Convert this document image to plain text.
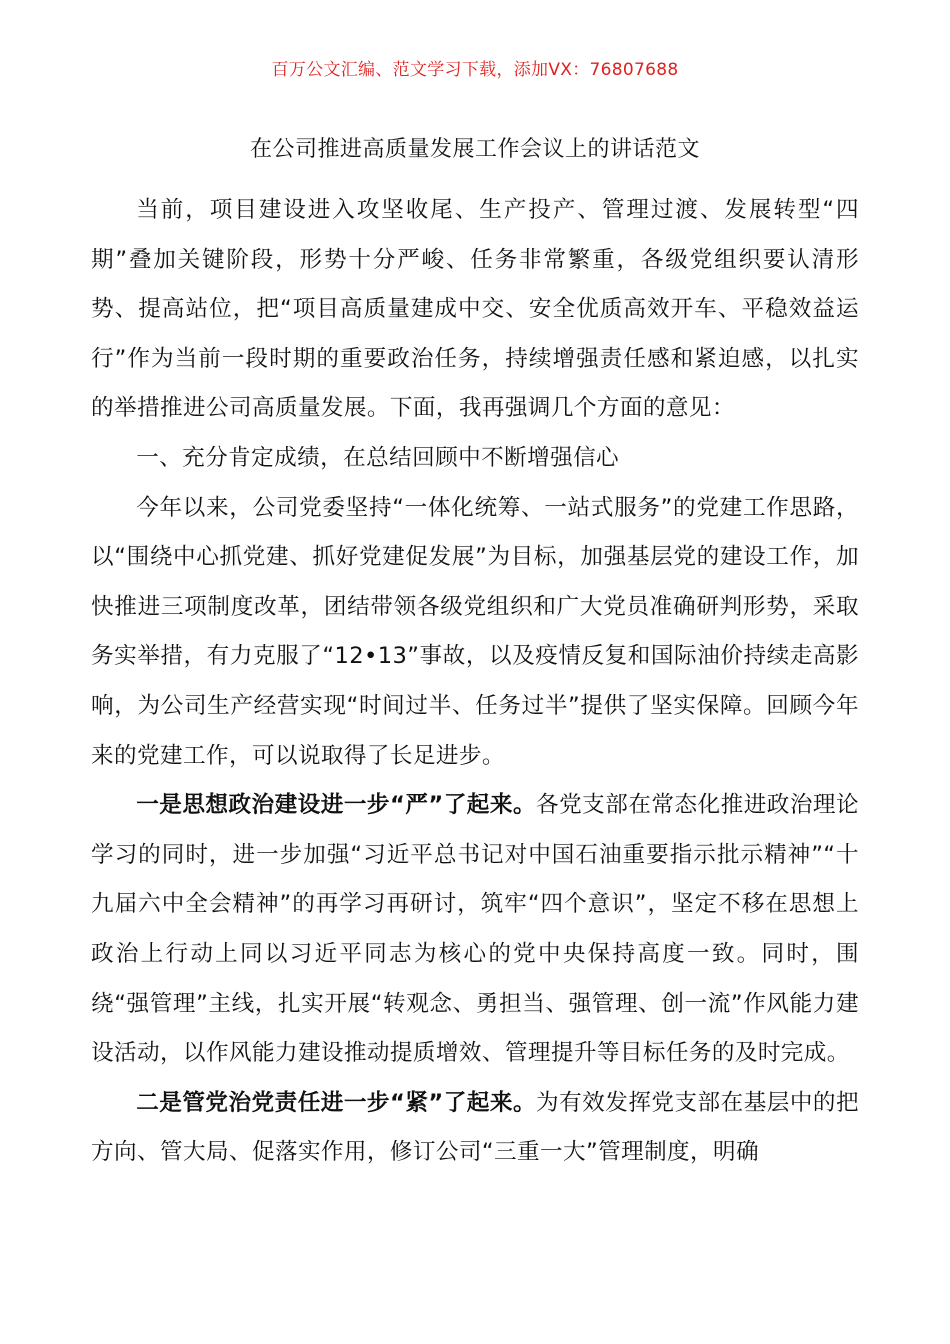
百万公文汇编、范文学习下载，添加VX：76807688
在公司推进高质量发展工作会议上的讲话范文

当前，项目建设进入攻坚收尾、生产投产、管理过渡、发展转型“四期”叠加关键阶段，形势十分严峻、任务非常繁重，各级党组织要认清形势、提高站位，把“项目高质量建成中交、安全优质高效开车、平稳效益运行”作为当前一段时期的重要政治任务，持续增强责任感和紧迫感，以扎实的举措推进公司高质量发展。下面，我再强调几个方面的意见：

一、充分肯定成绩，在总结回顾中不断增强信心

今年以来，公司党委坚持“一体化统筹、一站式服务”的党建工作思路，以“围绕中心抓党建、抓好党建促发展”为目标，加强基层党的建设工作，加快推进三项制度改革，团结带领各级党组织和广大党员准确研判形势，采取务实举措，有力克服了“12•13”事故，以及疫情反复和国际油价持续走高影响，为公司生产经营实现“时间过半、任务过半”提供了坚实保障。回顾今年来的党建工作，可以说取得了长足进步。

一是思想政治建设进一步“严”了起来。各党支部在常态化推进政治理论学习的同时，进一步加强“习近平总书记对中国石油重要指示批示精神”“十九届六中全会精神”的再学习再研讨，筑牢“四个意识”，坚定不移在思想上政治上行动上同以习近平同志为核心的党中央保持高度一致。同时，围绕“强管理”主线，扎实开展“转观念、勇担当、强管理、创一流”作风能力建设活动，以作风能力建设推动提质增效、管理提升等目标任务的及时完成。

二是管党治党责任进一步“紧”了起来。为有效发挥党支部在基层中的把方向、管大局、促落实作用，修订公司“三重一大”管理制度，明确
